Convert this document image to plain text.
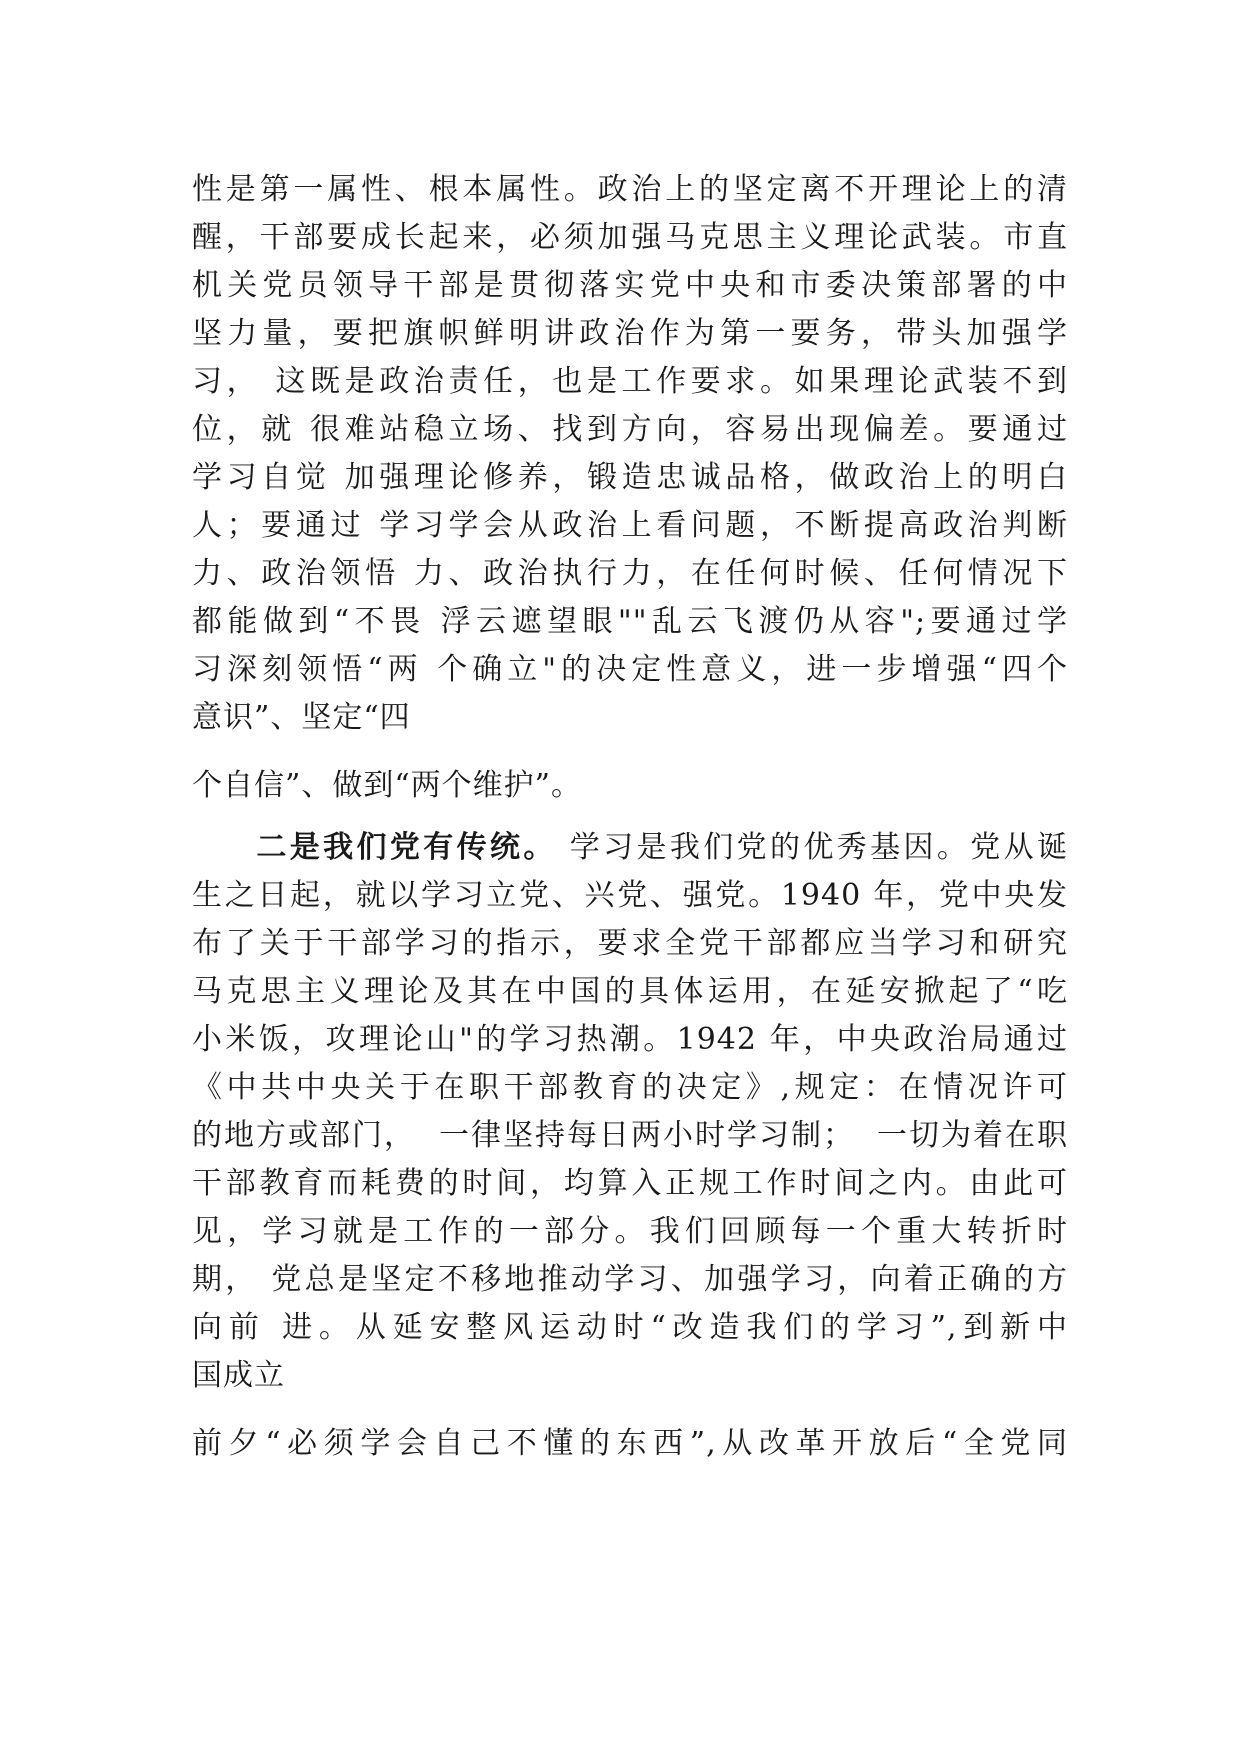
性是第一属性、根本属性。政治上的坚定离不开理论上的清
醒，干部要成长起来，必须加强马克思主义理论武装。市直
机关党员领导干部是贯彻落实党中央和市委决策部署的中
坚力量，要把旗帜鲜明讲政治作为第一要务，带头加强学
习， 这既是政治责任，也是工作要求。如果理论武装不到
位，就 很难站稳立场、找到方向，容易出现偏差。要通过
学习自觉 加强理论修养，锻造忠诚品格，做政治上的明白
人；要通过 学习学会从政治上看问题，不断提高政治判断
力、政治领悟 力、政治执行力，在任何时候、任何情况下
都能做到“不畏 浮云遮望眼""乱云飞渡仍从容";要通过学
习深刻领悟“两 个确立"的决定性意义，进一步增强“四个
意识”、坚定“四
个自信”、做到“两个维护”。
二是我们党有传统。 学习是我们党的优秀基因。党从诞
生之日起，就以学习立党、兴党、强党。1940 年，党中央发
布了关于干部学习的指示，要求全党干部都应当学习和研究
马克思主义理论及其在中国的具体运用，在延安掀起了“吃
小米饭，攻理论山"的学习热潮。1942 年，中央政治局通过
《中共中央关于在职干部教育的决定》,规定：在情况许可
的地方或部门，  一律坚持每日两小时学习制；  一切为着在职
干部教育而耗费的时间，均算入正规工作时间之内。由此可
见，学习就是工作的一部分。我们回顾每一个重大转折时
期， 党总是坚定不移地推动学习、加强学习，向着正确的方
向前 进。从延安整风运动时“改造我们的学习”,到新中
国成立
前夕“必须学会自己不懂的东西”,从改革开放后“全党同
